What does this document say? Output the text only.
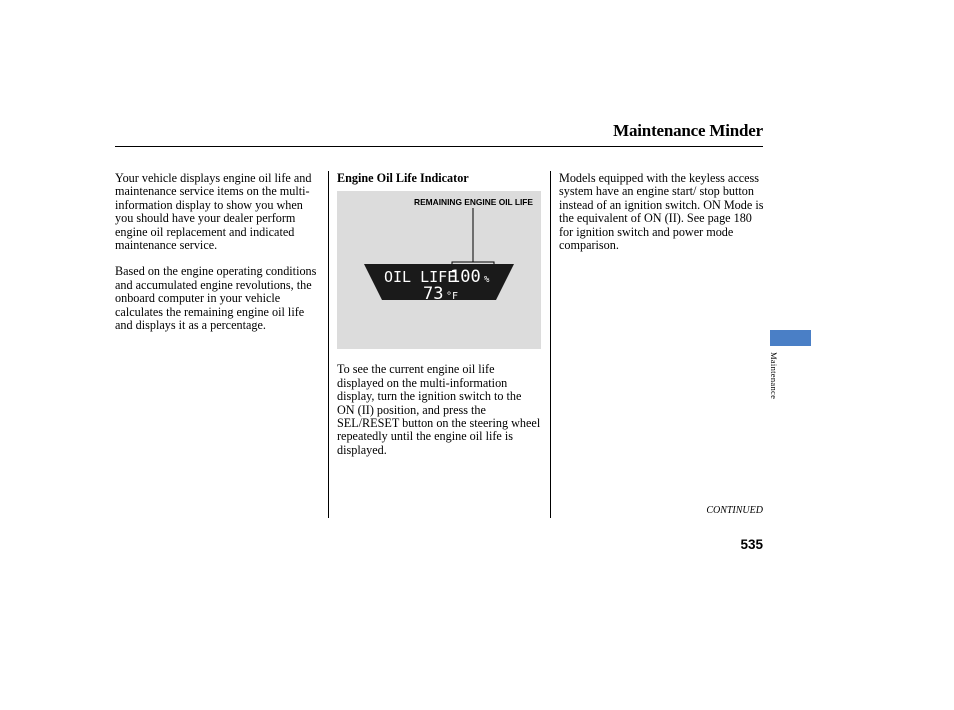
Maintenance Minder

Your vehicle displays engine oil life and maintenance service items on the multi-information display to show you when you should have your dealer perform engine oil replacement and indicated maintenance service.

Based on the engine operating conditions and accumulated engine revolutions, the onboard computer in your vehicle calculates the remaining engine oil life and displays it as a percentage.

Engine Oil Life Indicator
REMAINING ENGINE OIL LIFE
OIL LIFE
100 %
73 °F

To see the current engine oil life displayed on the multi-information display, turn the ignition switch to the ON (II) position, and press the SEL/RESET button on the steering wheel repeatedly until the engine oil life is displayed.

Models equipped with the keyless access system have an engine start/ stop button instead of an ignition switch. ON Mode is the equivalent of ON (II). See page 180 for ignition switch and power mode comparison.

Maintenance
CONTINUED
535
